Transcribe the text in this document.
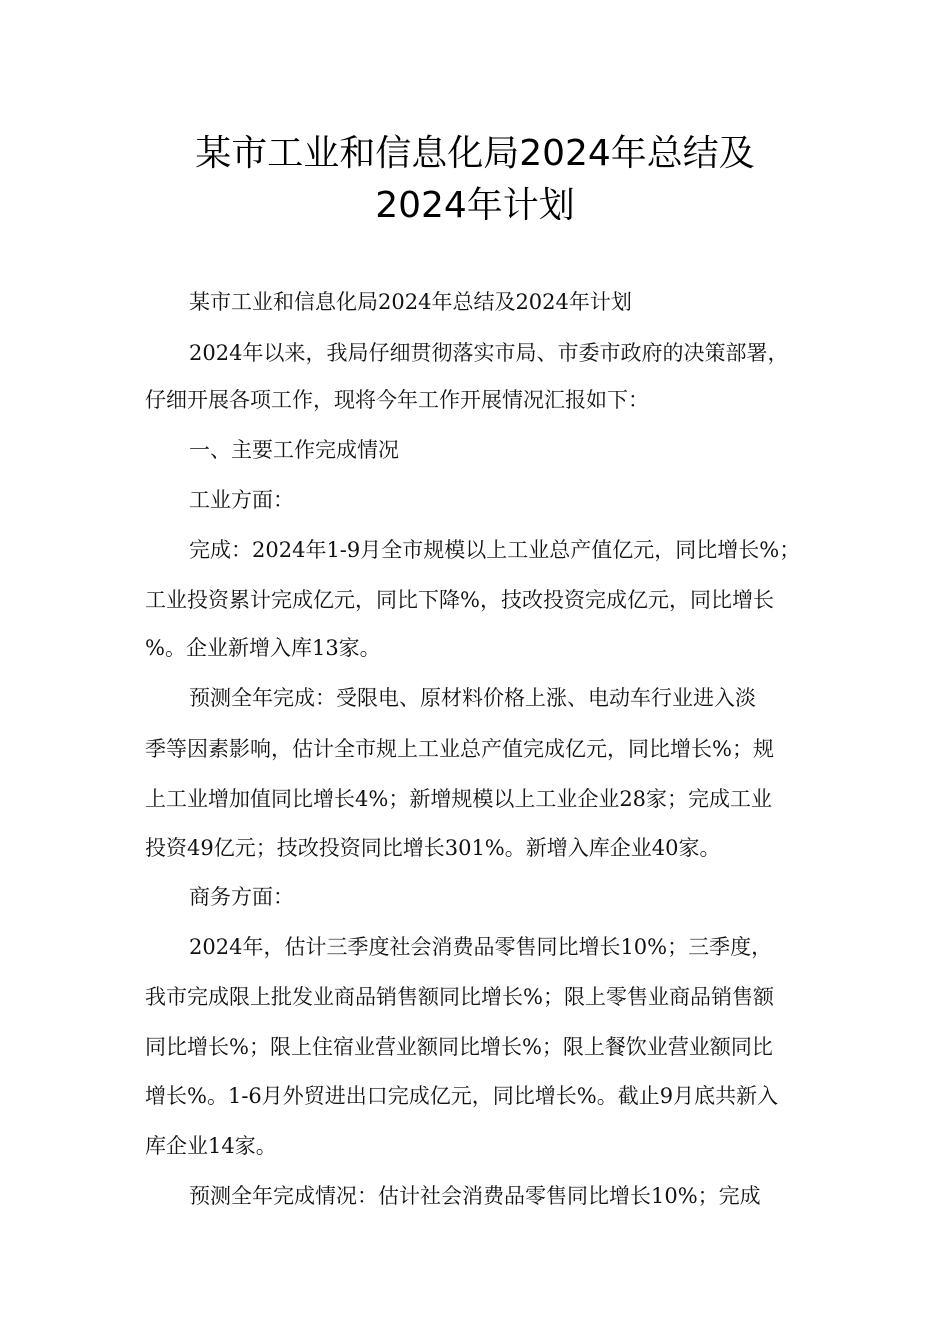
某市工业和信息化局2024年总结及
2024年计划

某市工业和信息化局2024年总结及2024年计划

2024年以来，我局仔细贯彻落实市局、市委市政府的决策部署，

仔细开展各项工作，现将今年工作开展情况汇报如下：

一、主要工作完成情况

工业方面：

完成：2024年1-9月全市规模以上工业总产值亿元，同比增长%；

工业投资累计完成亿元，同比下降%，技改投资完成亿元，同比增长

%。企业新增入库13家。

预测全年完成：受限电、原材料价格上涨、电动车行业进入淡

季等因素影响，估计全市规上工业总产值完成亿元，同比增长%；规

上工业增加值同比增长4%；新增规模以上工业企业28家；完成工业

投资49亿元；技改投资同比增长301%。新增入库企业40家。

商务方面：

2024年，估计三季度社会消费品零售同比增长10%；三季度，

我市完成限上批发业商品销售额同比增长%；限上零售业商品销售额

同比增长%；限上住宿业营业额同比增长%；限上餐饮业营业额同比

增长%。1-6月外贸进出口完成亿元，同比增长%。截止9月底共新入

库企业14家。

预测全年完成情况：估计社会消费品零售同比增长10%；完成
